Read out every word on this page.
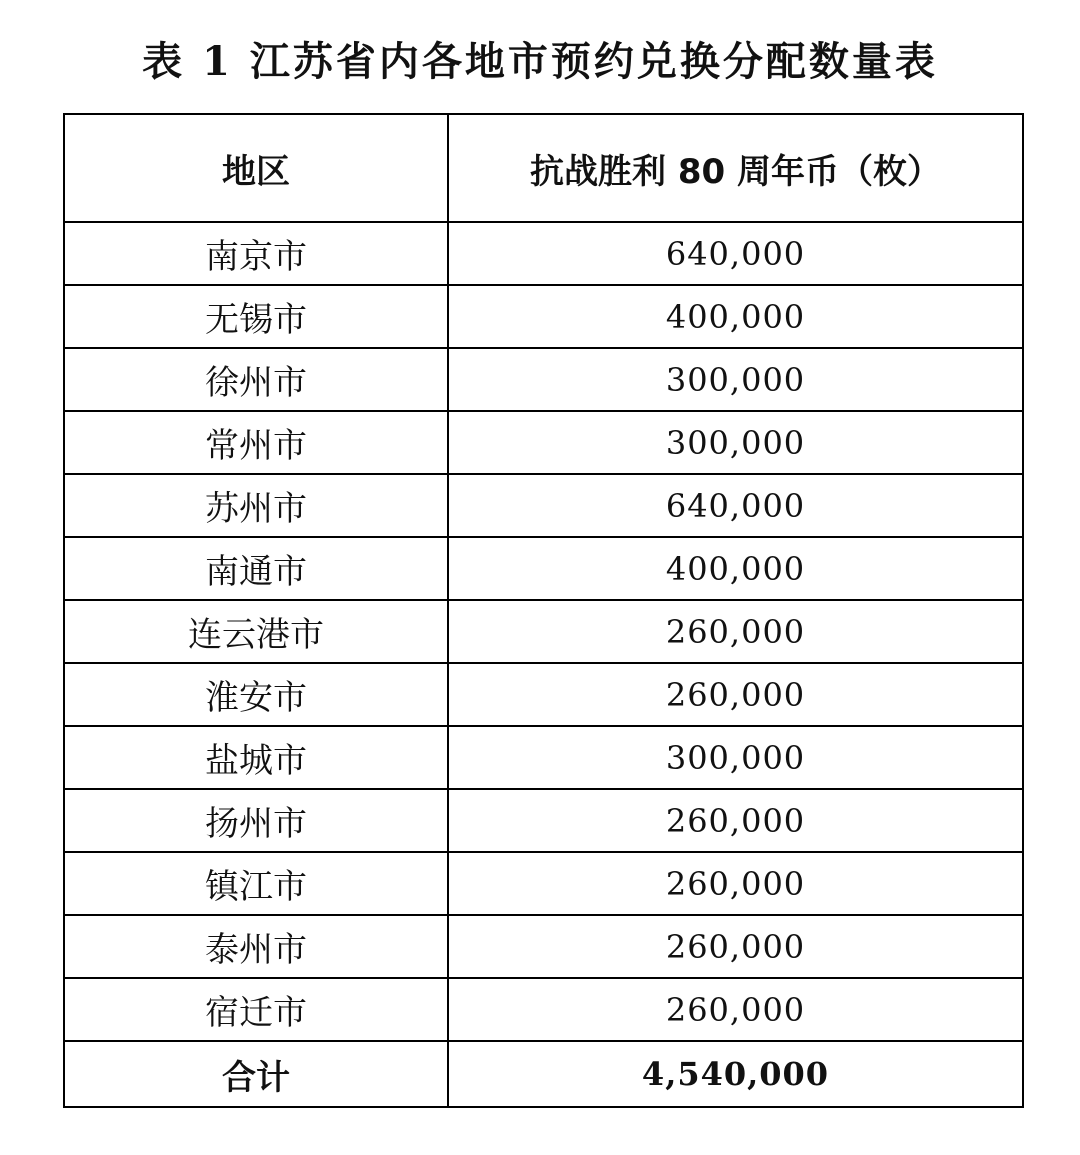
表 1 江苏省内各地市预约兑换分配数量表
地区	抗战胜利 80 周年币（枚）
南京市	640,000
无锡市	400,000
徐州市	300,000
常州市	300,000
苏州市	640,000
南通市	400,000
连云港市	260,000
淮安市	260,000
盐城市	300,000
扬州市	260,000
镇江市	260,000
泰州市	260,000
宿迁市	260,000
合计	4,540,000
